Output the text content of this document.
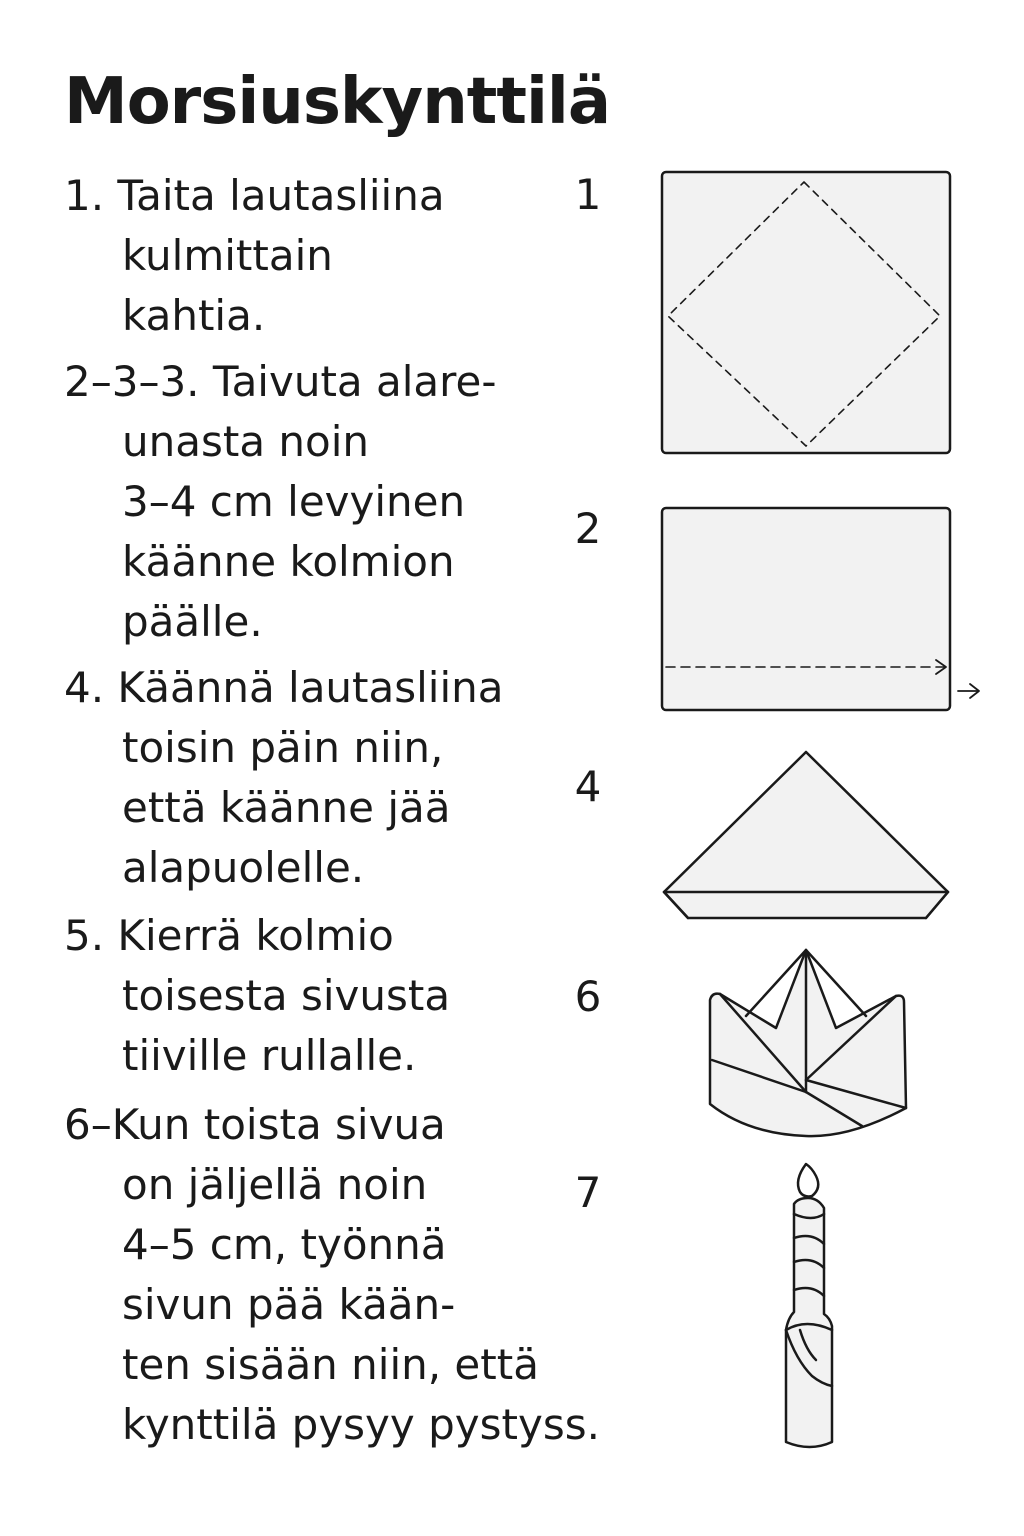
Morsiuskynttilä
1. Taita lautasliina
kulmittain
kahtia.
2–3–3. Taivuta alare-
unasta noin
3–4 cm levyinen
käänne kolmion
päälle.
4. Käännä lautasliina
toisin päin niin,
että käänne jää
alapuolelle.
5. Kierrä kolmio
toisesta sivusta
tiiville rullalle.
6–Kun toista sivua
on jäljellä noin
4–5 cm, työnnä
sivun pää kään-
ten sisään niin, että
kynttilä pysyy pystyss.
1
2
4
6
7
